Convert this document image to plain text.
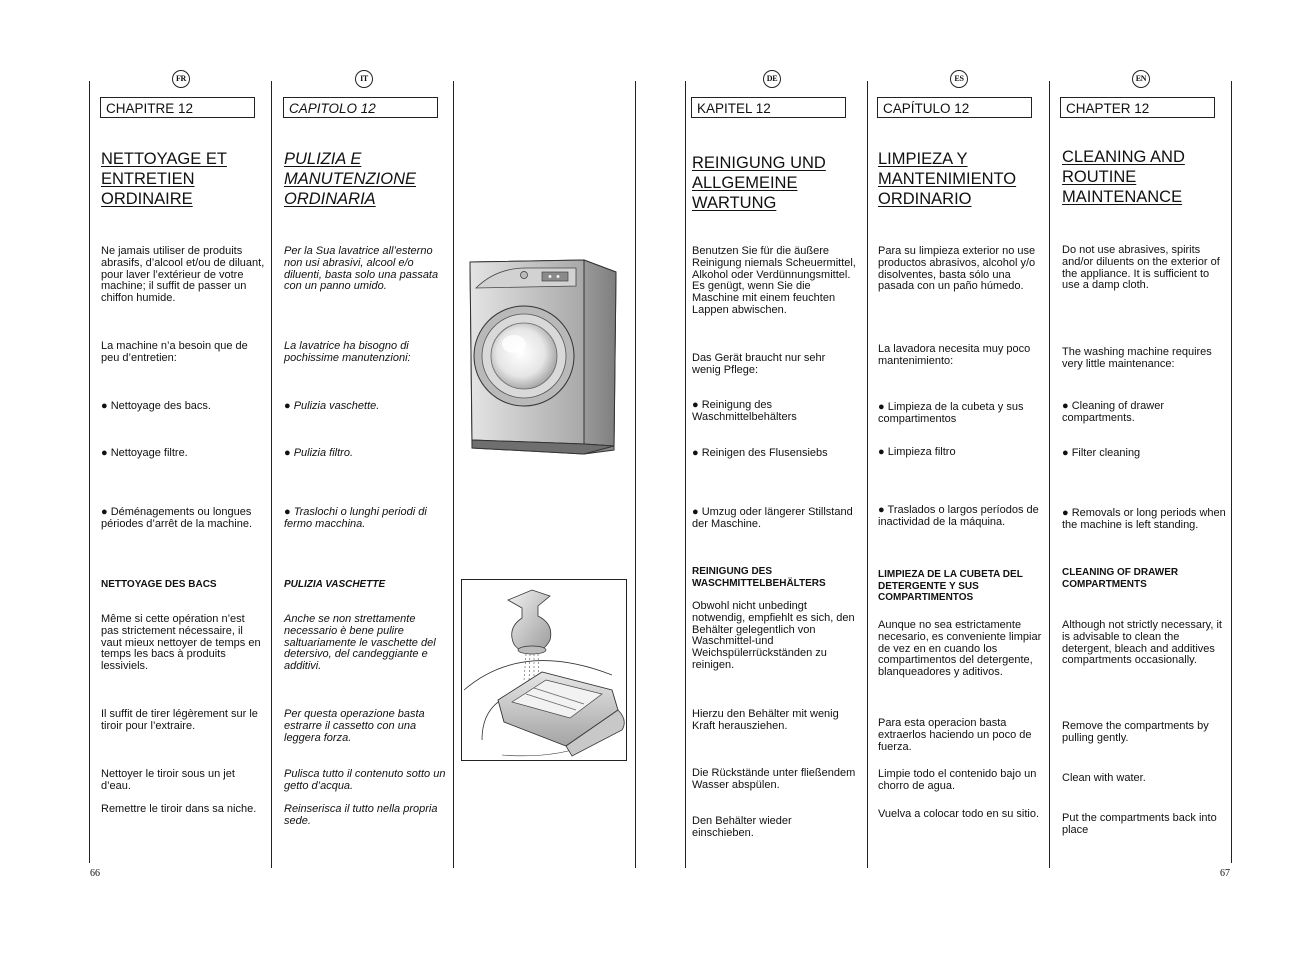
FR
CHAPITRE 12
NETTOYAGE ET ENTRETIEN ORDINAIRE
Ne jamais utiliser de produits abrasifs, d’alcool et/ou de diluant, pour laver l’extérieur de votre machine; il suffit de passer un chiffon humide.
La machine n’a besoin que de peu d’entretien:
● Nettoyage des bacs.
● Nettoyage filtre.
● Déménagements ou longues périodes d’arrêt de la machine.
NETTOYAGE DES BACS
Même si cette opération n’est pas strictement nécessaire, il vaut mieux nettoyer de temps en temps les bacs à produits lessiviels.
Il suffit de tirer légèrement sur le tiroir pour l’extraire.
Nettoyer le tiroir sous un jet d’eau.
Remettre le tiroir dans sa niche.
IT
CAPITOLO 12
PULIZIA E MANUTENZIONE ORDINARIA
Per la Sua lavatrice all’esterno non usi abrasivi, alcool e/o diluenti, basta solo una passata con un panno umido.
La lavatrice ha bisogno di pochissime manutenzioni:
● Pulizia vaschette.
● Pulizia filtro.
● Traslochi o lunghi periodi di fermo macchina.
PULIZIA VASCHETTE
Anche se non strettamente necessario è bene pulire saltuariamente le vaschette del detersivo, del candeggiante e additivi.
Per questa operazione basta estrarre il cassetto con una leggera forza.
Pulisca tutto il contenuto sotto un getto d’acqua.
Reinserisca il tutto nella propria sede.
DE
KAPITEL 12
REINIGUNG UND ALLGEMEINE WARTUNG
Benutzen Sie für die äußere Reinigung niemals Scheuermittel, Alkohol oder Verdünnungsmittel. Es genügt, wenn Sie die Maschine mit einem feuchten Lappen abwischen.
Das Gerät braucht nur sehr wenig Pflege:
● Reinigung des Waschmittelbehälters
● Reinigen des Flusensiebs
● Umzug oder längerer Stillstand der Maschine.
REINIGUNG DES WASCHMITTELBEHÄLTERS
Obwohl nicht unbedingt notwendig, empfiehlt es sich, den Behälter gelegentlich von Waschmittel-und Weichspülerrückständen zu reinigen.
Hierzu den Behälter mit wenig Kraft herausziehen.
Die Rückstände unter fließendem Wasser abspülen.
Den Behälter wieder einschieben.
ES
CAPÍTULO 12
LIMPIEZA Y MANTENIMIENTO ORDINARIO
Para su limpieza exterior no use productos abrasivos, alcohol y/o disolventes, basta sólo una pasada con un paño húmedo.
La lavadora necesita muy poco mantenimiento:
● Limpieza de la cubeta y sus compartimentos
● Limpieza filtro
● Traslados o largos períodos de inactividad de la máquina.
LIMPIEZA DE LA CUBETA DEL DETERGENTE Y SUS COMPARTIMENTOS
Aunque no sea estrictamente necesario, es conveniente limpiar de vez en en cuando los compartimentos del detergente, blanqueadores y aditivos.
Para esta operacion basta extraerlos haciendo un poco de fuerza.
Limpie todo el contenido bajo un chorro de agua.
Vuelva a colocar todo en su sitio.
EN
CHAPTER 12
CLEANING AND ROUTINE MAINTENANCE
Do not use abrasives, spirits and/or diluents on the exterior of the appliance. It is sufficient to use a damp cloth.
The washing machine requires very little maintenance:
● Cleaning of drawer compartments.
● Filter cleaning
● Removals or long periods when the machine is left standing.
CLEANING OF DRAWER COMPARTMENTS
Although not strictly necessary, it is advisable to clean the detergent, bleach and additives compartments occasionally.
Remove the compartments by pulling gently.
Clean with water.
Put the compartments back into place
66	67
